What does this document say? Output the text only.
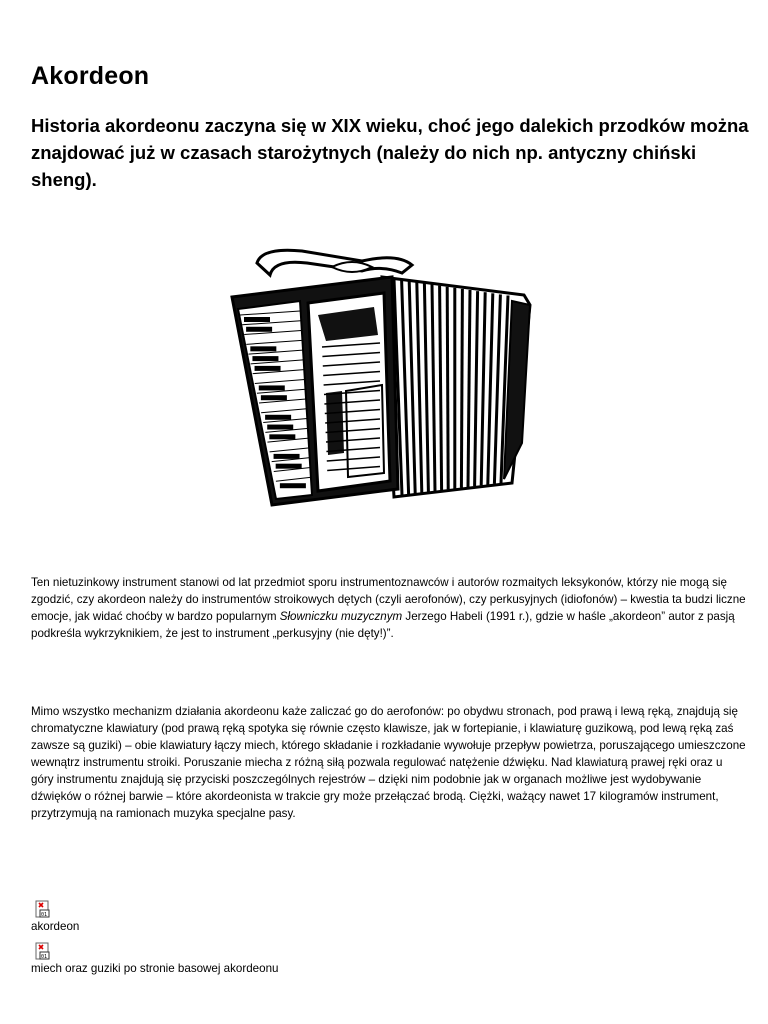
Akordeon

Historia akordeonu zaczyna się w XIX wieku, choć jego dalekich przodków można znajdować już w czasach starożytnych (należy do nich np. antyczny chiński sheng).

Ten nietuzinkowy instrument stanowi od lat przedmiot sporu instrumentoznawców i autorów rozmaitych leksykonów, którzy nie mogą się zgodzić, czy akordeon należy do instrumentów stroikowych dętych (czyli aerofonów), czy perkusyjnych (idiofonów) – kwestia ta budzi liczne emocje, jak widać choćby w bardzo popularnym Słowniczku muzycznym Jerzego Habeli (1991 r.), gdzie w haśle „akordeon” autor z pasją podkreśla wykrzyknikiem, że jest to instrument „perkusyjny (nie dęty!)”.

Mimo wszystko mechanizm działania akordeonu każe zaliczać go do aerofonów: po obydwu stronach, pod prawą i lewą ręką, znajdują się chromatyczne klawiatury (pod prawą ręką spotyka się równie często klawisze, jak w fortepianie, i klawiaturę guzikową, pod lewą ręką zaś zawsze są guziki) – obie klawiatury łączy miech, którego składanie i rozkładanie wywołuje przepływ powietrza, poruszającego umieszczone wewnątrz instrumentu stroiki. Poruszanie miecha z różną siłą pozwala regulować natężenie dźwięku. Nad klawiaturą prawej ręki oraz u góry instrumentu znajdują się przyciski poszczególnych rejestrów – dzięki nim podobnie jak w organach możliwe jest wydobywanie dźwięków o różnej barwie – które akordeonista w trakcie gry może przełączać brodą. Ciężki, ważący nawet 17 kilogramów instrument, przytrzymują na ramionach muzyka specjalne pasy.

01
akordeon
01
miech oraz guziki po stronie basowej akordeonu
